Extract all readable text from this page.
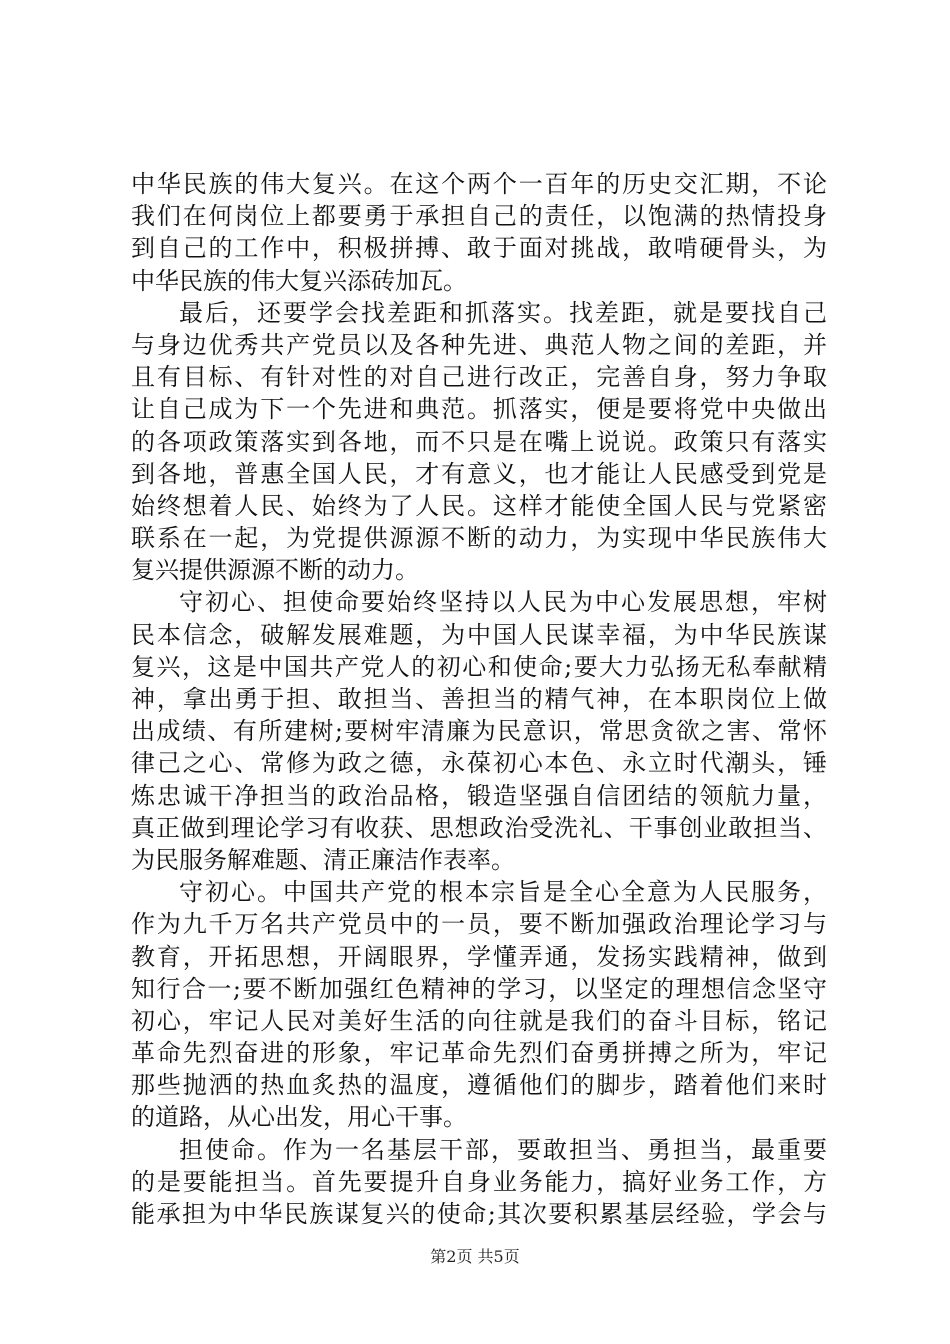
中华民族的伟大复兴。在这个两个一百年的历史交汇期，不论
我们在何岗位上都要勇于承担自己的责任，以饱满的热情投身
到自己的工作中，积极拼搏、敢于面对挑战，敢啃硬骨头，为
中华民族的伟大复兴添砖加瓦。
最后，还要学会找差距和抓落实。找差距，就是要找自己
与身边优秀共产党员以及各种先进、典范人物之间的差距，并
且有目标、有针对性的对自己进行改正，完善自身，努力争取
让自己成为下一个先进和典范。抓落实，便是要将党中央做出
的各项政策落实到各地，而不只是在嘴上说说。政策只有落实
到各地，普惠全国人民，才有意义，也才能让人民感受到党是
始终想着人民、始终为了人民。这样才能使全国人民与党紧密
联系在一起，为党提供源源不断的动力，为实现中华民族伟大
复兴提供源源不断的动力。
守初心、担使命要始终坚持以人民为中心发展思想，牢树
民本信念，破解发展难题，为中国人民谋幸福，为中华民族谋
复兴，这是中国共产党人的初心和使命;要大力弘扬无私奉献精
神，拿出勇于担、敢担当、善担当的精气神，在本职岗位上做
出成绩、有所建树;要树牢清廉为民意识，常思贪欲之害、常怀
律己之心、常修为政之德，永葆初心本色、永立时代潮头，锤
炼忠诚干净担当的政治品格，锻造坚强自信团结的领航力量，
真正做到理论学习有收获、思想政治受洗礼、干事创业敢担当、
为民服务解难题、清正廉洁作表率。
守初心。中国共产党的根本宗旨是全心全意为人民服务，
作为九千万名共产党员中的一员，要不断加强政治理论学习与
教育，开拓思想，开阔眼界，学懂弄通，发扬实践精神，做到
知行合一;要不断加强红色精神的学习，以坚定的理想信念坚守
初心，牢记人民对美好生活的向往就是我们的奋斗目标，铭记
革命先烈奋进的形象，牢记革命先烈们奋勇拼搏之所为，牢记
那些抛洒的热血炙热的温度，遵循他们的脚步，踏着他们来时
的道路，从心出发，用心干事。
担使命。作为一名基层干部，要敢担当、勇担当，最重要
的是要能担当。首先要提升自身业务能力，搞好业务工作，方
能承担为中华民族谋复兴的使命;其次要积累基层经验，学会与
第2页 共5页
